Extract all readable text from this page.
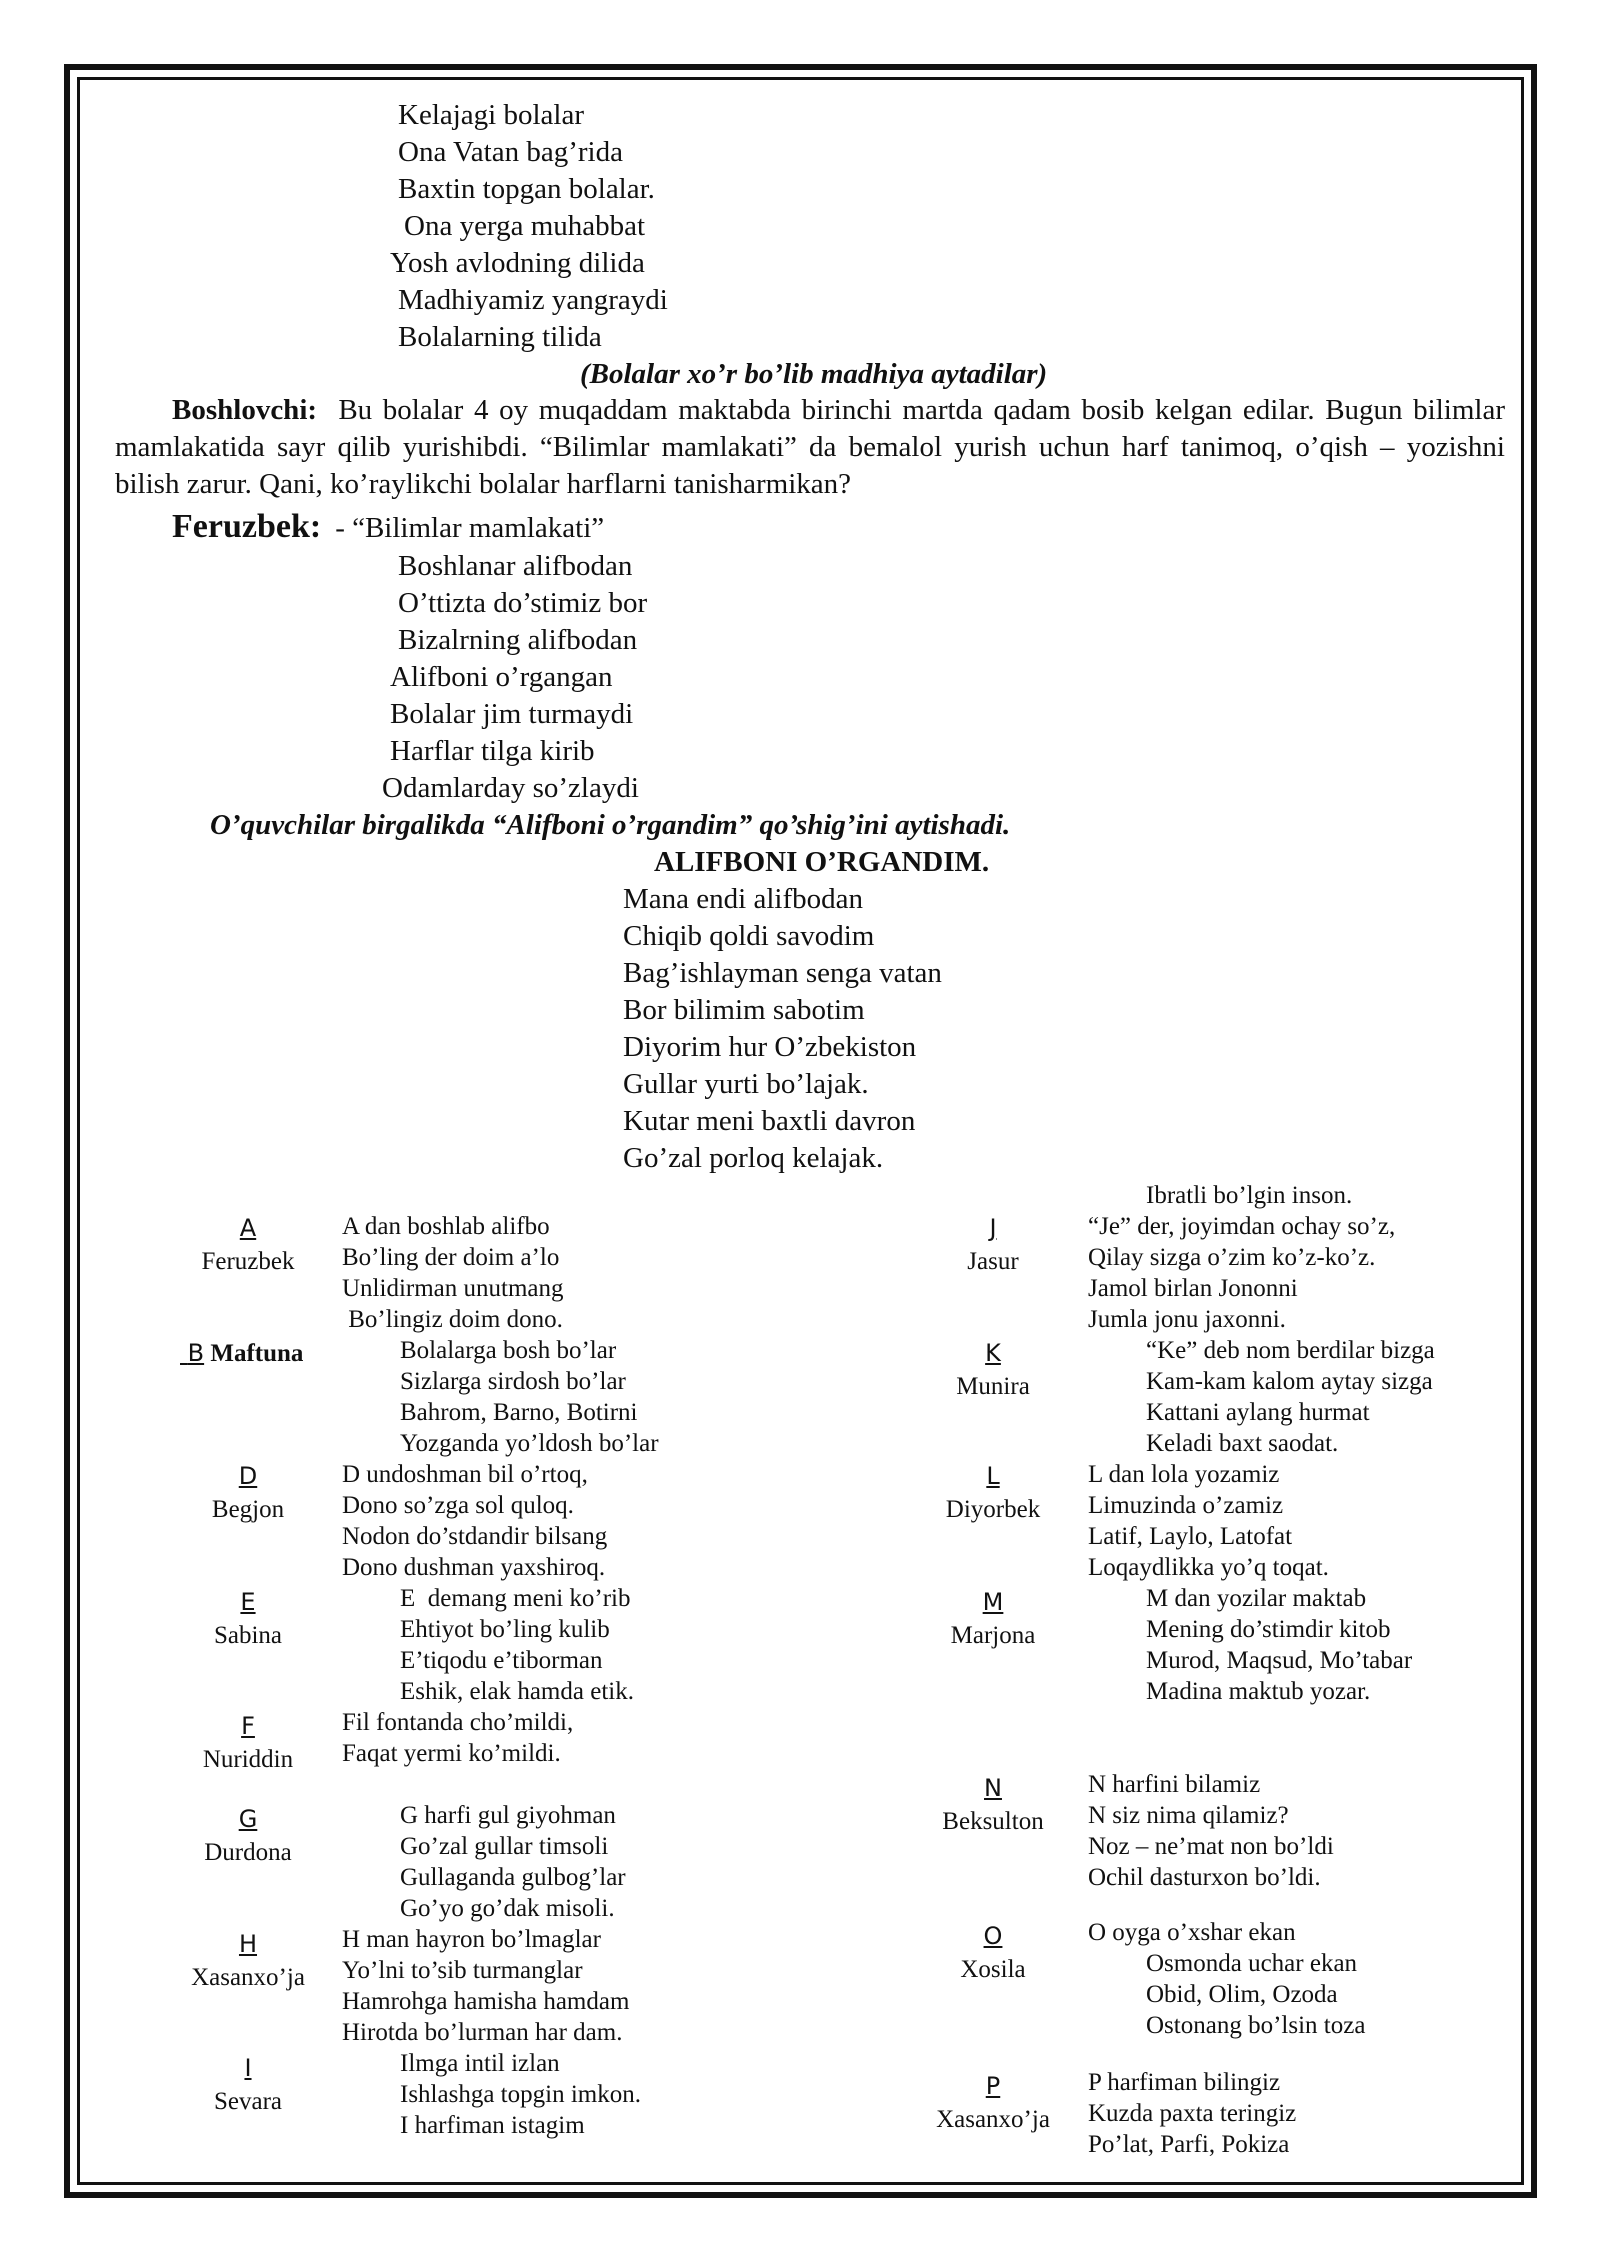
Kelajagi bolalar
Ona Vatan bag’rida
Baxtin topgan bolalar.
Ona yerga muhabbat
Yosh avlodning dilida
Madhiyamiz yangraydi
Bolalarning tilida
(Bolalar xo’r bo’lib madhiya aytadilar)
Boshlovchi: Bu bolalar 4 oy muqaddam maktabda birinchi martda qadam bosib kelgan edilar. Bugun bilimlar mamlakatida sayr qilib yurishibdi. “Bilimlar mamlakati” da bemalol yurish uchun harf tanimoq, o’qish – yozishni bilish zarur. Qani, ko’raylikchi bolalar harflarni tanisharmikan?
Feruzbek: - “Bilimlar mamlakati”
Boshlanar alifbodan
O’ttizta do’stimiz bor
Bizalrning alifbodan
Alifboni o’rgangan
Bolalar jim turmaydi
Harflar tilga kirib
Odamlarday so’zlaydi
O’quvchilar birgalikda “Alifboni o’rgandim” qo’shig’ini aytishadi.
ALIFBONI O’RGANDIM.
Mana endi alifbodan
Chiqib qoldi savodim
Bag’ishlayman senga vatan
Bor bilimim sabotim
Diyorim hur O’zbekiston
Gullar yurti bo’lajak.
Kutar meni baxtli davron
Go’zal porloq kelajak.
A
Feruzbek
A dan boshlab alifbo
Bo’ling der doim a’lo
Unlidirman unutmang
Bo’lingiz doim dono.
B Maftuna	Bolalarga bosh bo’lar
Sizlarga sirdosh bo’lar
Bahrom, Barno, Botirni
Yozganda yo’ldosh bo’lar
D
Begjon
D undoshman bil o’rtoq,
Dono so’zga sol quloq.
Nodon do’stdandir bilsang
Dono dushman yaxshiroq.
E
Sabina
E  demang meni ko’rib
Ehtiyot bo’ling kulib
E’tiqodu e’tiborman
Eshik, elak hamda etik.
F
Nuriddin
Fil fontanda cho’mildi,
Faqat yermi ko’mildi.
G
Durdona
G harfi gul giyohman
Go’zal gullar timsoli
Gullaganda gulbog’lar
Go’yo go’dak misoli.
H
Xasanxo’ja
H man hayron bo’lmaglar
Yo’lni to’sib turmanglar
Hamrohga hamisha hamdam
Hirotda bo’lurman har dam.
I
Sevara
Ilmga intil izlan
Ishlashga topgin imkon.
I harfiman istagim
Ibratli bo’lgin inson.
J
Jasur
“Je” der, joyimdan ochay so’z,
Qilay sizga o’zim ko’z-ko’z.
Jamol birlan Jononni
Jumla jonu jaxonni.
K
Munira
“Ke” deb nom berdilar bizga
Kam-kam kalom aytay sizga
Kattani aylang hurmat
Keladi baxt saodat.
L
Diyorbek
L dan lola yozamiz
Limuzinda o’zamiz
Latif, Laylo, Latofat
Loqaydlikka yo’q toqat.
M
Marjona
M dan yozilar maktab
Mening do’stimdir kitob
Murod, Maqsud, Mo’tabar
Madina maktub yozar.
N
Beksulton
N harfini bilamiz
N siz nima qilamiz?
Noz – ne’mat non bo’ldi
Ochil dasturxon bo’ldi.
O
Xosila
O oyga o’xshar ekan
Osmonda uchar ekan
Obid, Olim, Ozoda
Ostonang bo’lsin toza
P
Xasanxo’ja
P harfiman bilingiz
Kuzda paxta teringiz
Po’lat, Parfi, Pokiza
